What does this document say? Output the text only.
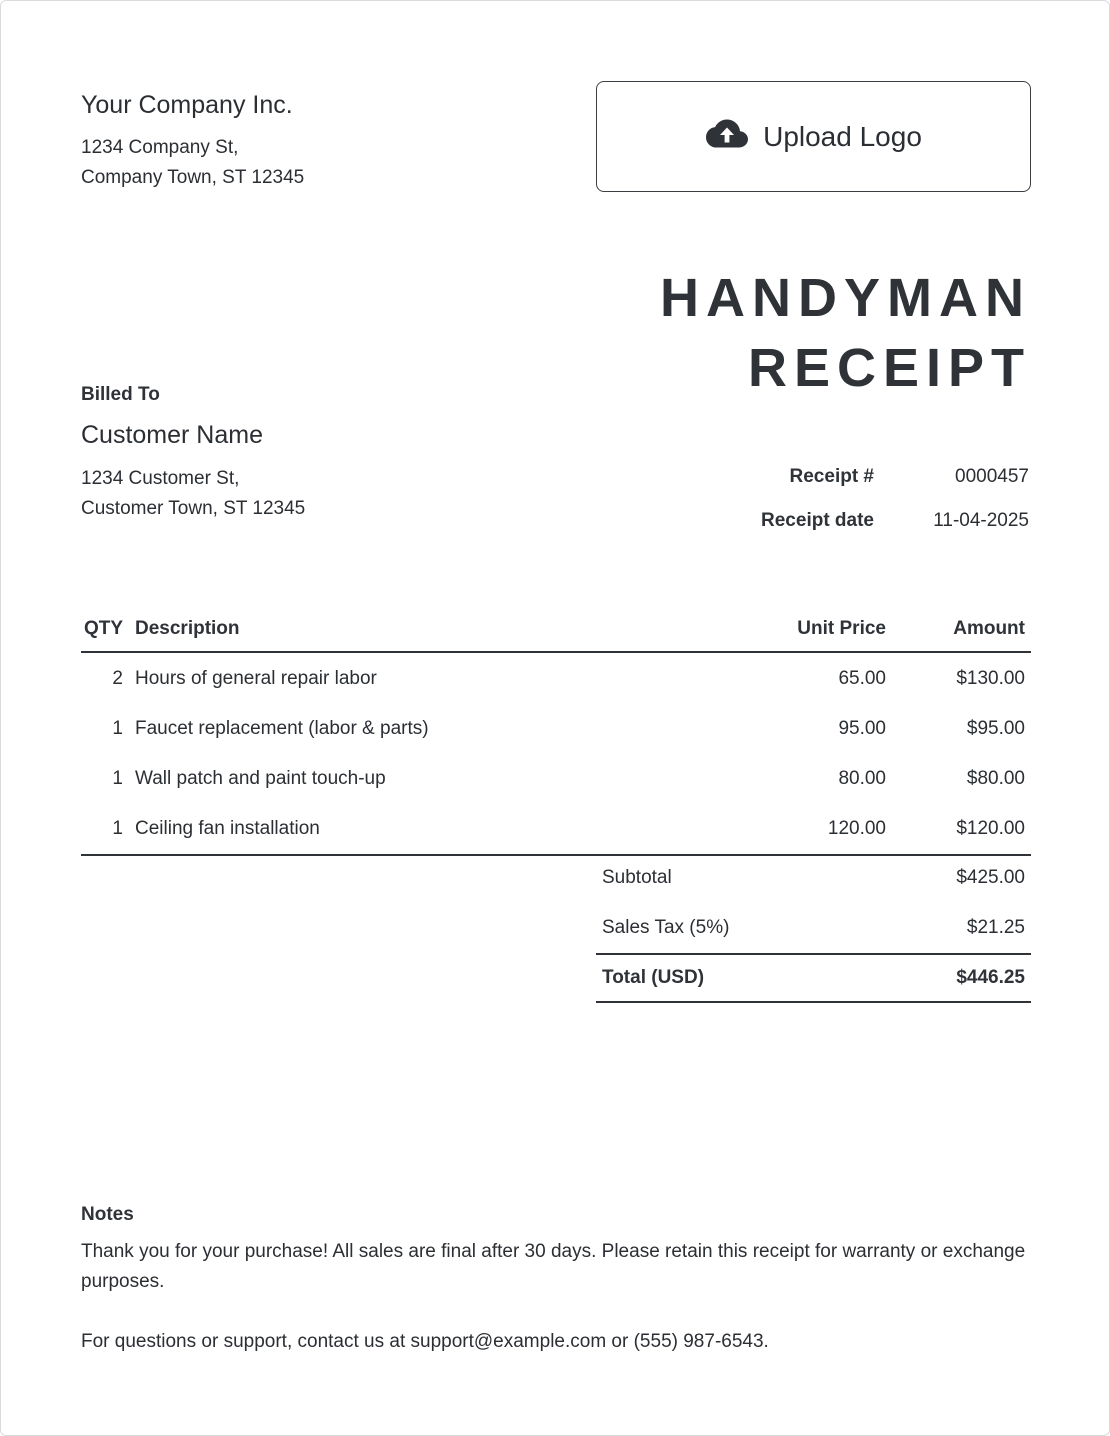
Your Company Inc.
1234 Company St,
Company Town, ST 12345
Upload Logo
HANDYMAN
RECEIPT
Billed To
Customer Name
1234 Customer St,
Customer Town, ST 12345
Receipt #	0000457
Receipt date	11-04-2025
QTY Description	Unit Price	Amount
2 Hours of general repair labor	65.00	$130.00
1 Faucet replacement (labor & parts)	95.00	$95.00
1 Wall patch and paint touch-up	80.00	$80.00
1 Ceiling fan installation	120.00	$120.00
Subtotal	$425.00
Sales Tax (5%)	$21.25
Total (USD)	$446.25
Notes
Thank you for your purchase! All sales are final after 30 days. Please retain this receipt for warranty or exchange purposes.
For questions or support, contact us at support@example.com or (555) 987-6543.
